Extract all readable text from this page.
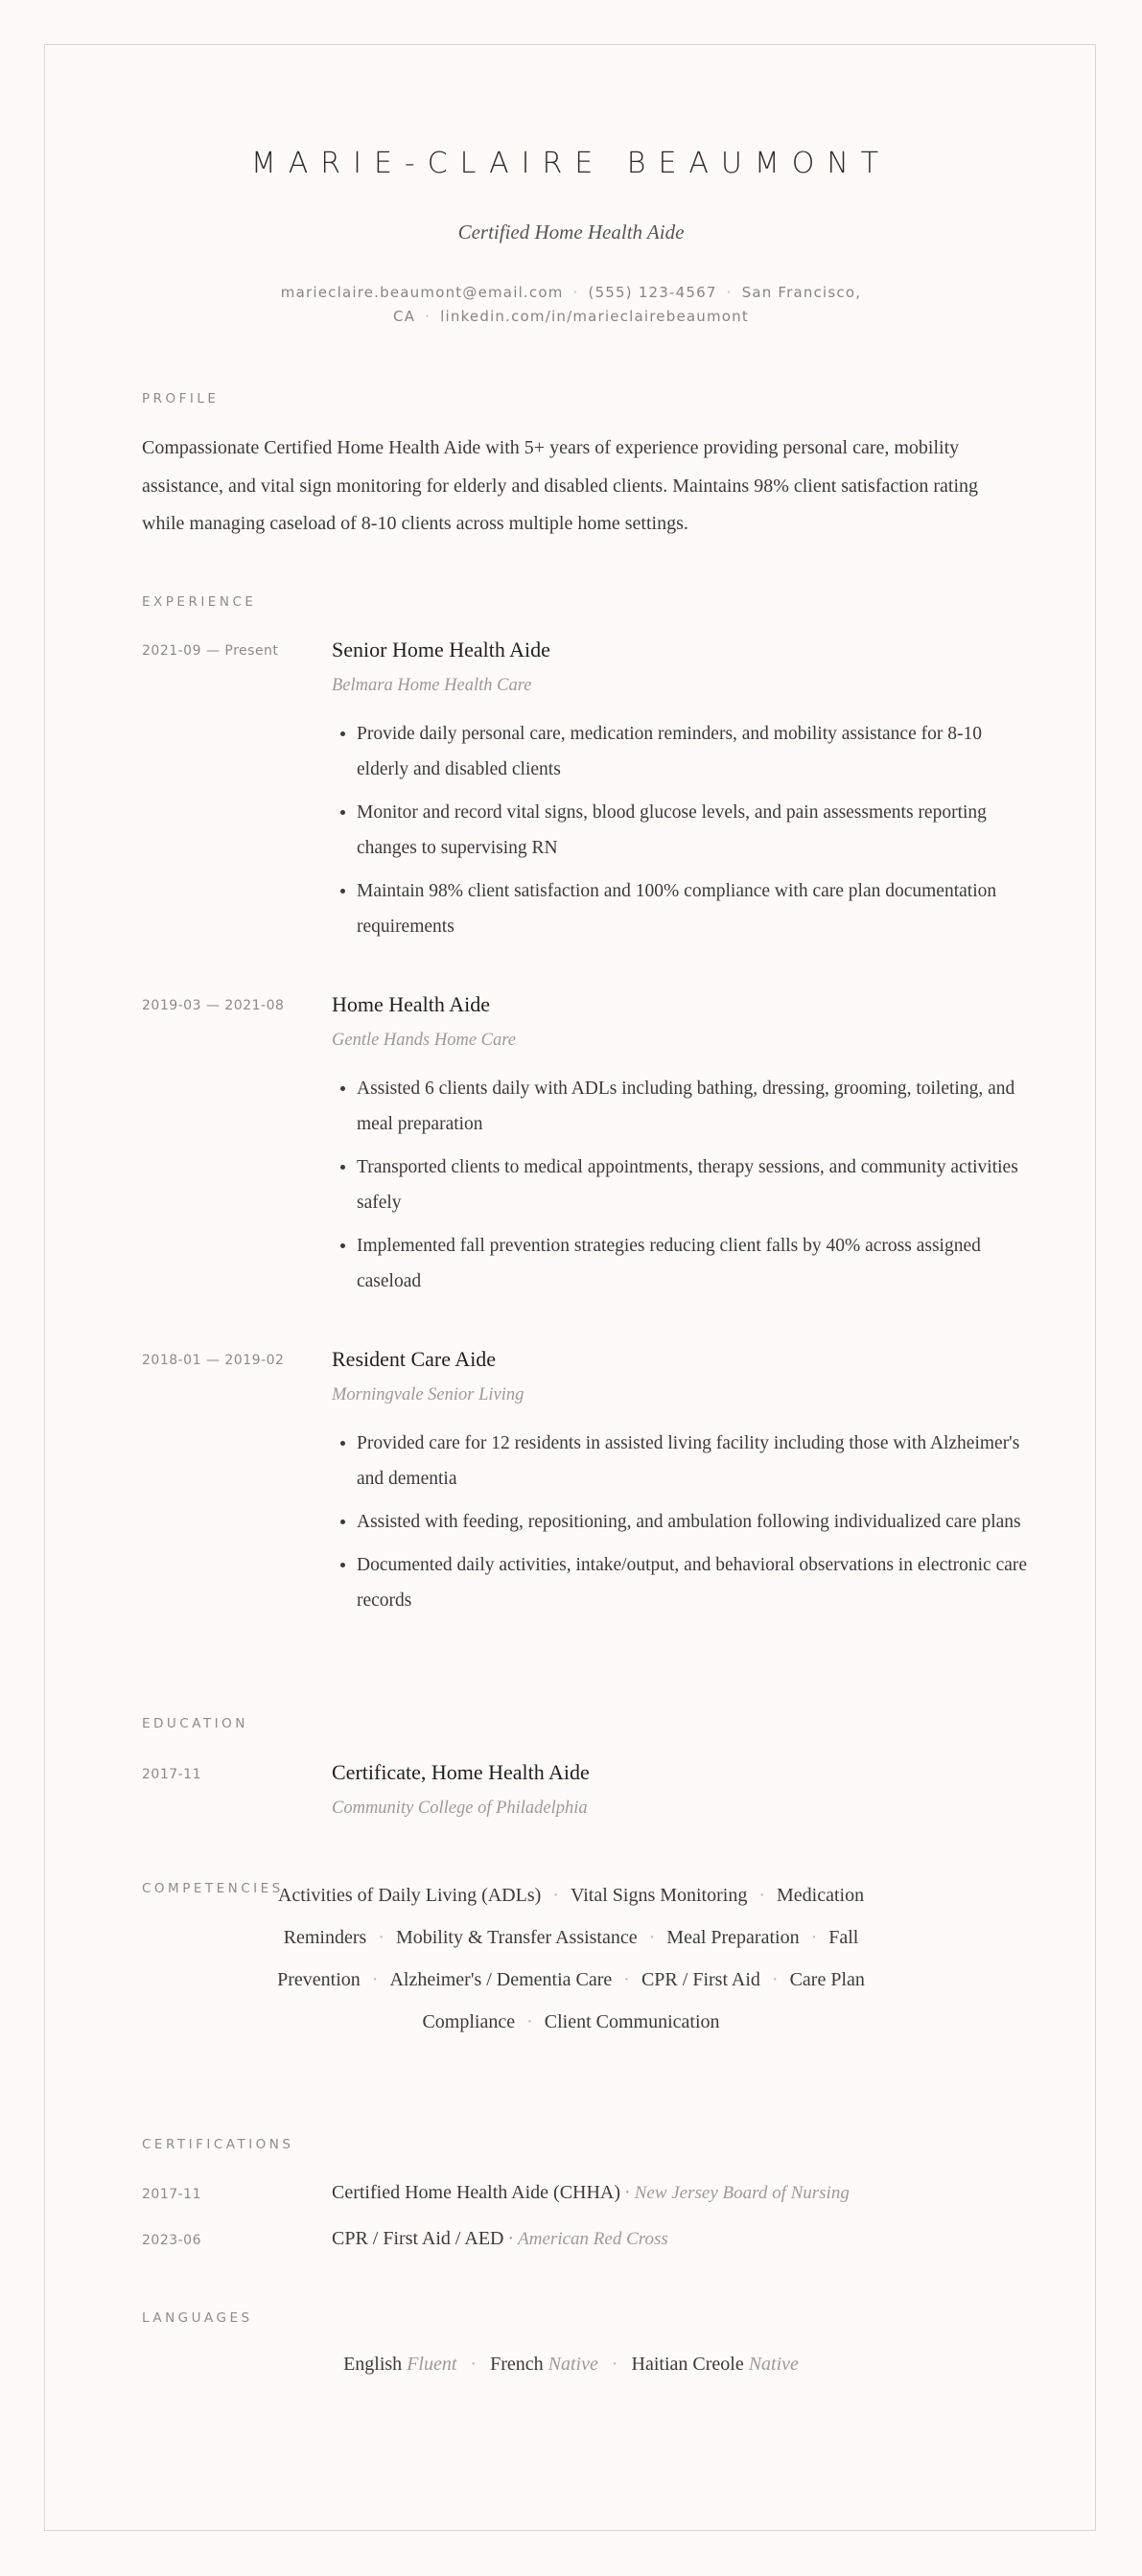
MARIE-CLAIRE BEAUMONT
Certified Home Health Aide
marieclaire.beaumont@email.com · (555) 123-4567 · San Francisco,
CA · linkedin.com/in/marieclairebeaumont
PROFILE
Compassionate Certified Home Health Aide with 5+ years of experience providing personal care, mobility assistance, and vital sign monitoring for elderly and disabled clients. Maintains 98% client satisfaction rating while managing caseload of 8-10 clients across multiple home settings.
EXPERIENCE
2021-09 — Present	Senior Home Health Aide
Belmara Home Health Care
• Provide daily personal care, medication reminders, and mobility assistance for 8-10 elderly and disabled clients
• Monitor and record vital signs, blood glucose levels, and pain assessments reporting changes to supervising RN
• Maintain 98% client satisfaction and 100% compliance with care plan documentation requirements
2019-03 — 2021-08 Home Health Aide
Gentle Hands Home Care
• Assisted 6 clients daily with ADLs including bathing, dressing, grooming, toileting, and meal preparation
• Transported clients to medical appointments, therapy sessions, and community activities safely
• Implemented fall prevention strategies reducing client falls by 40% across assigned caseload
2018-01 — 2019-02 Resident Care Aide
Morningvale Senior Living
• Provided care for 12 residents in assisted living facility including those with Alzheimer's and dementia
• Assisted with feeding, repositioning, and ambulation following individualized care plans
• Documented daily activities, intake/output, and behavioral observations in electronic care records
EDUCATION
2017-11	Certificate, Home Health Aide
Community College of Philadelphia
COMPETENCIES
Activities of Daily Living (ADLs) · Vital Signs Monitoring · Medication Reminders · Mobility & Transfer Assistance · Meal Preparation · Fall Prevention · Alzheimer's / Dementia Care · CPR / First Aid · Care Plan Compliance · Client Communication
CERTIFICATIONS
2017-11	Certified Home Health Aide (CHHA) · New Jersey Board of Nursing
2023-06	CPR / First Aid / AED · American Red Cross
LANGUAGES
English Fluent · French Native · Haitian Creole Native
